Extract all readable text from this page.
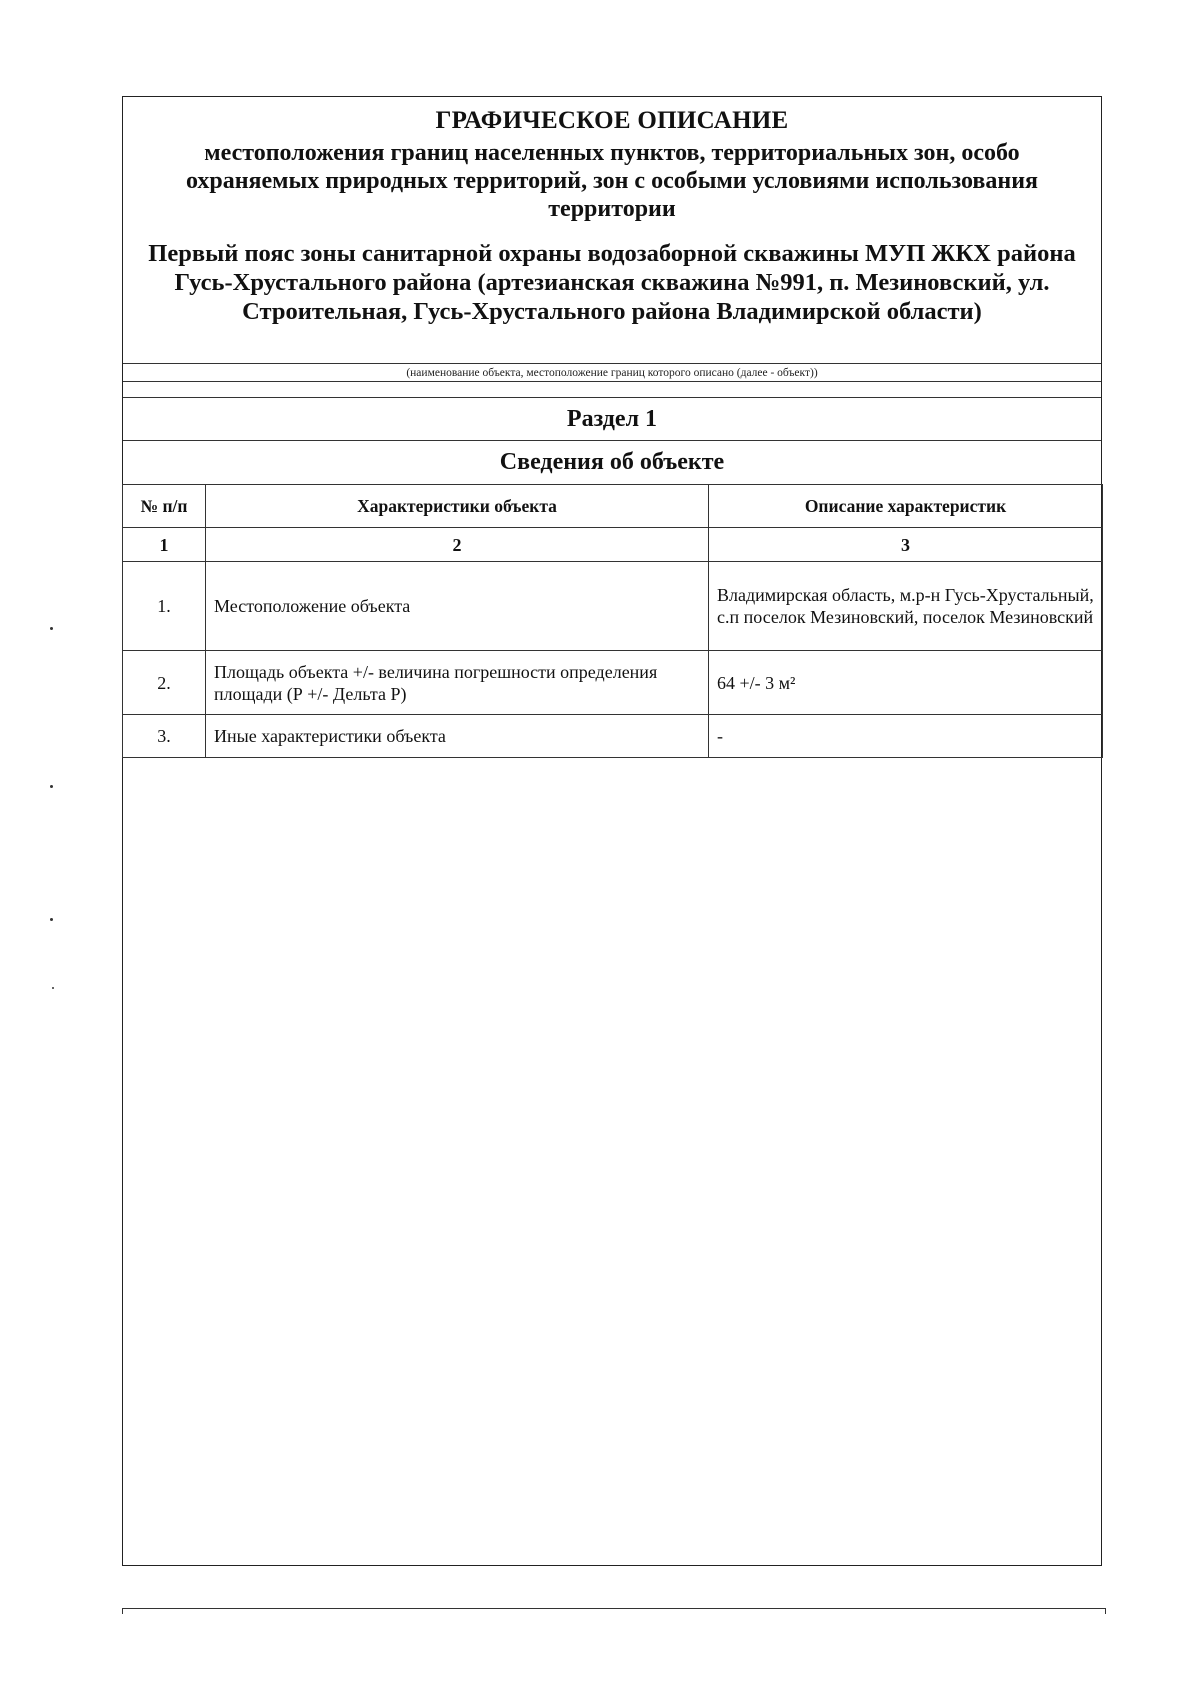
ГРАФИЧЕСКОЕ ОПИСАНИЕ
местоположения границ населенных пунктов, территориальных зон, особо охраняемых природных территорий, зон с особыми условиями использования территории
Первый пояс зоны санитарной охраны водозаборной скважины МУП ЖКХ района Гусь-Хрустального района (артезианская скважина №991, п. Мезиновский, ул. Строительная, Гусь-Хрустального района Владимирской области)
(наименование объекта, местоположение границ которого описано (далее - объект))
Раздел 1
Сведения об объекте
№ п/п	Характеристики объекта	Описание характеристик
1	2	3
1.	Местоположение объекта	Владимирская область, м.р-н Гусь-Хрустальный, с.п поселок Мезиновский, поселок Мезиновский
2.	Площадь объекта +/- величина погрешности определения площади (Р +/- Дельта Р)	64 +/- 3 м²
3.	Иные характеристики объекта	-
